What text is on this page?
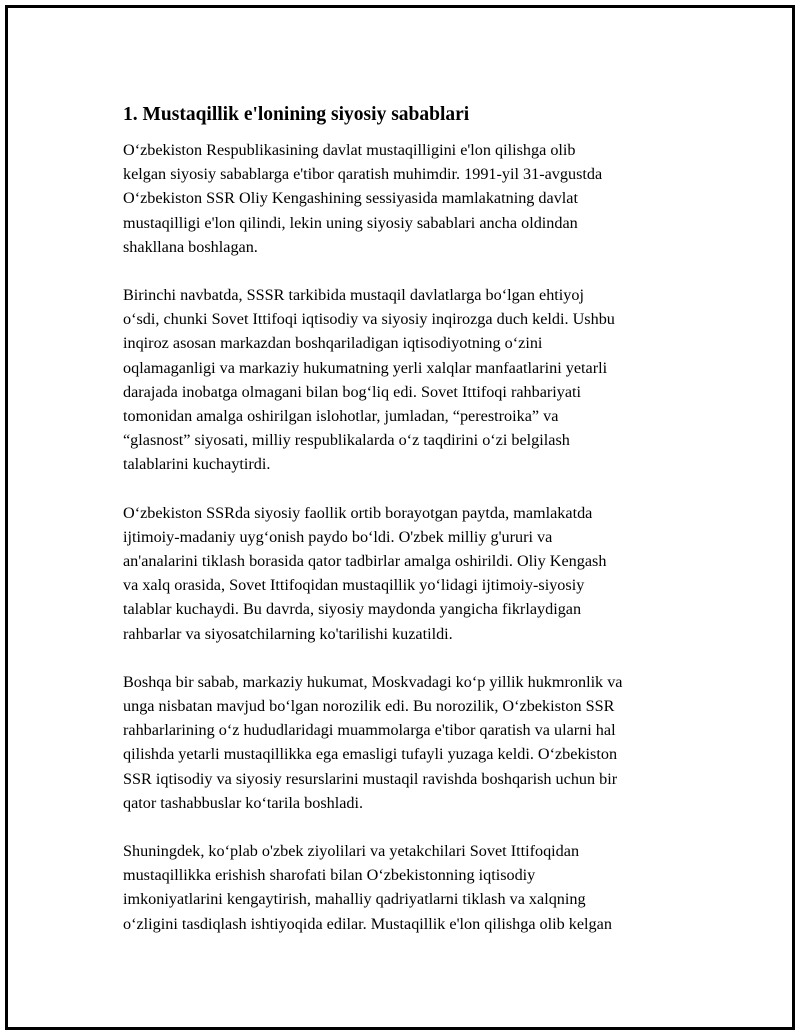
1. Mustaqillik e'lonining siyosiy sabablari

O‘zbekiston Respublikasining davlat mustaqilligini e'lon qilishga olib
kelgan siyosiy sabablarga e'tibor qaratish muhimdir. 1991-yil 31-avgustda
O‘zbekiston SSR Oliy Kengashining sessiyasida mamlakatning davlat
mustaqilligi e'lon qilindi, lekin uning siyosiy sabablari ancha oldindan
shakllana boshlagan.

Birinchi navbatda, SSSR tarkibida mustaqil davlatlarga bo‘lgan ehtiyoj
o‘sdi, chunki Sovet Ittifoqi iqtisodiy va siyosiy inqirozga duch keldi. Ushbu
inqiroz asosan markazdan boshqariladigan iqtisodiyotning o‘zini
oqlamaganligi va markaziy hukumatning yerli xalqlar manfaatlarini yetarli
darajada inobatga olmagani bilan bog‘liq edi. Sovet Ittifoqi rahbariyati
tomonidan amalga oshirilgan islohotlar, jumladan, “perestroika” va
“glasnost” siyosati, milliy respublikalarda o‘z taqdirini o‘zi belgilash
talablarini kuchaytirdi.

O‘zbekiston SSRda siyosiy faollik ortib borayotgan paytda, mamlakatda
ijtimoiy-madaniy uyg‘onish paydo bo‘ldi. O'zbek milliy g'ururi va
an'analarini tiklash borasida qator tadbirlar amalga oshirildi. Oliy Kengash
va xalq orasida, Sovet Ittifoqidan mustaqillik yo‘lidagi ijtimoiy-siyosiy
talablar kuchaydi. Bu davrda, siyosiy maydonda yangicha fikrlaydigan
rahbarlar va siyosatchilarning ko'tarilishi kuzatildi.

Boshqa bir sabab, markaziy hukumat, Moskvadagi ko‘p yillik hukmronlik va
unga nisbatan mavjud bo‘lgan norozilik edi. Bu norozilik, O‘zbekiston SSR
rahbarlarining o‘z hududlaridagi muammolarga e'tibor qaratish va ularni hal
qilishda yetarli mustaqillikka ega emasligi tufayli yuzaga keldi. O‘zbekiston
SSR iqtisodiy va siyosiy resurslarini mustaqil ravishda boshqarish uchun bir
qator tashabbuslar ko‘tarila boshladi.

Shuningdek, ko‘plab o'zbek ziyolilari va yetakchilari Sovet Ittifoqidan
mustaqillikka erishish sharofati bilan O‘zbekistonning iqtisodiy
imkoniyatlarini kengaytirish, mahalliy qadriyatlarni tiklash va xalqning
o‘zligini tasdiqlash ishtiyoqida edilar. Mustaqillik e'lon qilishga olib kelgan
